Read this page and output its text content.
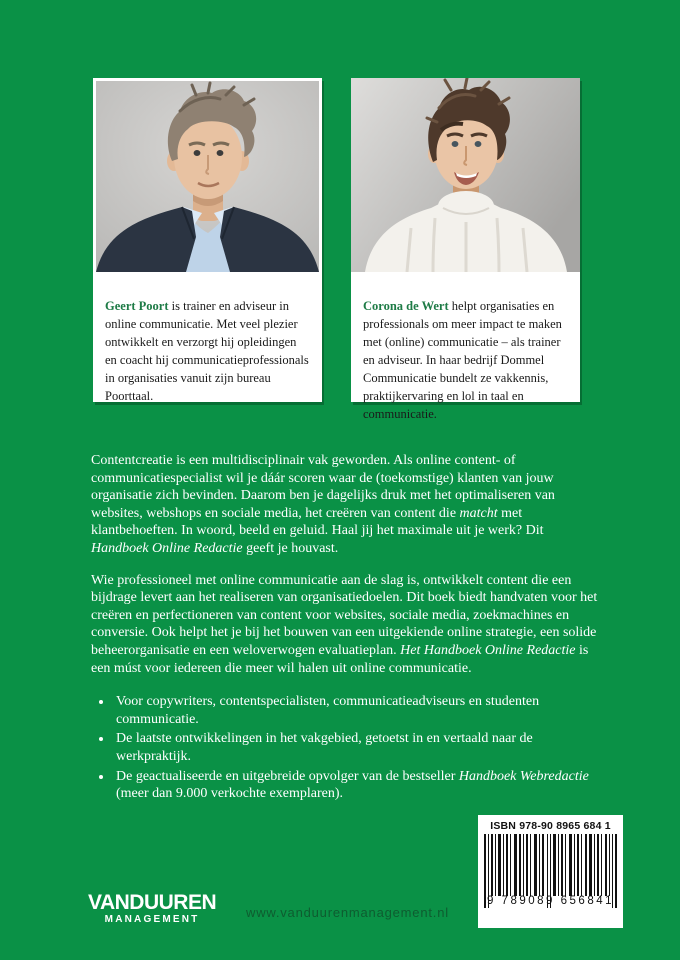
Geert Poort is trainer en adviseur in online communicatie. Met veel plezier ontwikkelt en verzorgt hij opleidingen en coacht hij communicatieprofessionals in organisaties vanuit zijn bureau Poorttaal.

Corona de Wert helpt organisaties en professionals om meer impact te maken met (online) communicatie – als trainer en adviseur. In haar bedrijf Dommel Communicatie bundelt ze vakkennis, praktijkervaring en lol in taal en communicatie.

Contentcreatie is een multidisciplinair vak geworden. Als online content- of communicatiespecialist wil je dáár scoren waar de (toekomstige) klanten van jouw organisatie zich bevinden. Daarom ben je dagelijks druk met het optimaliseren van websites, webshops en sociale media, het creëren van content die matcht met klantbehoeften. In woord, beeld en geluid. Haal jij het maximale uit je werk? Dit Handboek Online Redactie geeft je houvast.

Wie professioneel met online communicatie aan de slag is, ontwikkelt content die een bijdrage levert aan het realiseren van organisatiedoelen. Dit boek biedt handvaten voor het creëren en perfectioneren van content voor websites, sociale media, zoekmachines en conversie. Ook helpt het je bij het bouwen van een uitgekiende online strategie, een solide beheerorganisatie en een weloverwogen evaluatieplan. Het Handboek Online Redactie is een múst voor iedereen die meer wil halen uit online communicatie.

• Voor copywriters, contentspecialisten, communicatieadviseurs en studenten communicatie.
• De laatste ontwikkelingen in het vakgebied, getoetst in en vertaald naar de werkpraktijk.
• De geactualiseerde en uitgebreide opvolger van de bestseller Handboek Webredactie (meer dan 9.000 verkochte exemplaren).
ISBN 978-90 8965 684 1
9 789089 656841
VANDUUREN
MANAGEMENT	www.vanduurenmanagement.nl
